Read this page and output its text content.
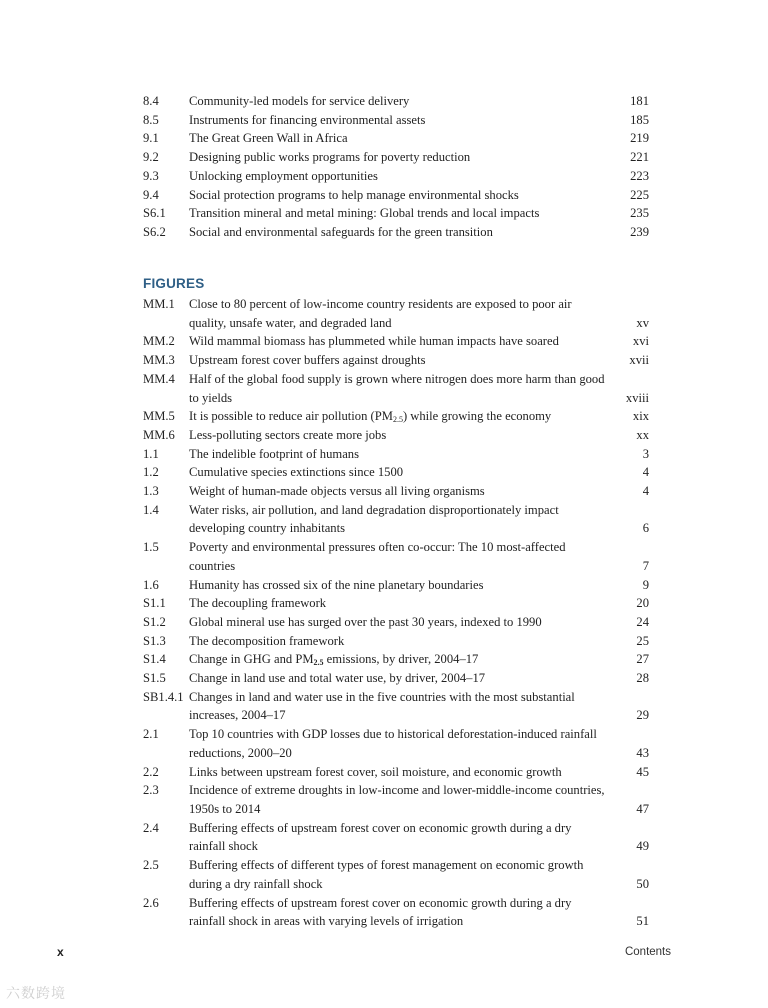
8.4	Community-led models for service delivery	181
8.5	Instruments for financing environmental assets	185
9.1	The Great Green Wall in Africa	219
9.2	Designing public works programs for poverty reduction	221
9.3	Unlocking employment opportunities	223
9.4	Social protection programs to help manage environmental shocks	225
S6.1	Transition mineral and metal mining: Global trends and local impacts	235
S6.2	Social and environmental safeguards for the green transition	239
FIGURES
MM.1	Close to 80 percent of low-income country residents are exposed to poor air quality, unsafe water, and degraded land	xv
MM.2	Wild mammal biomass has plummeted while human impacts have soared	xvi
MM.3	Upstream forest cover buffers against droughts	xvii
MM.4	Half of the global food supply is grown where nitrogen does more harm than good to yields	xviii
MM.5	It is possible to reduce air pollution $(PM_{2.5})$ while growing the economy	xix
MM.6	Less-polluting sectors create more jobs	xx
1.1	The indelible footprint of humans	3
1.2	Cumulative species extinctions since 1500	4
1.3	Weight of human-made objects versus all living organisms	4
1.4	Water risks, air pollution, and land degradation disproportionately impact developing country inhabitants	6
1.5	Poverty and environmental pressures often co-occur: The 10 most-affected countries	7
1.6	Humanity has crossed six of the nine planetary boundaries	9
S1.1	The decoupling framework	20
S1.2	Global mineral use has surged over the past 30 years, indexed to 1990	24
S1.3	The decomposition framework	25
S1.4	Change in GHG and $PM_{2.5}$ emissions, by driver, 2004–17	27
S1.5	Change in land use and total water use, by driver, 2004–17	28
SB1.4.1 Changes in land and water use in the five countries with the most substantial increases, 2004–17	29
2.1	Top 10 countries with GDP losses due to historical deforestation-induced rainfall reductions, 2000–20	43
2.2	Links between upstream forest cover, soil moisture, and economic growth	45
2.3	Incidence of extreme droughts in low-income and lower-middle-income countries, 1950s to 2014	47
2.4	Buffering effects of upstream forest cover on economic growth during a dry rainfall shock	49
2.5	Buffering effects of different types of forest management on economic growth during a dry rainfall shock	50
2.6	Buffering effects of upstream forest cover on economic growth during a dry rainfall shock in areas with varying levels of irrigation	51
x	Contents
六数跨境
